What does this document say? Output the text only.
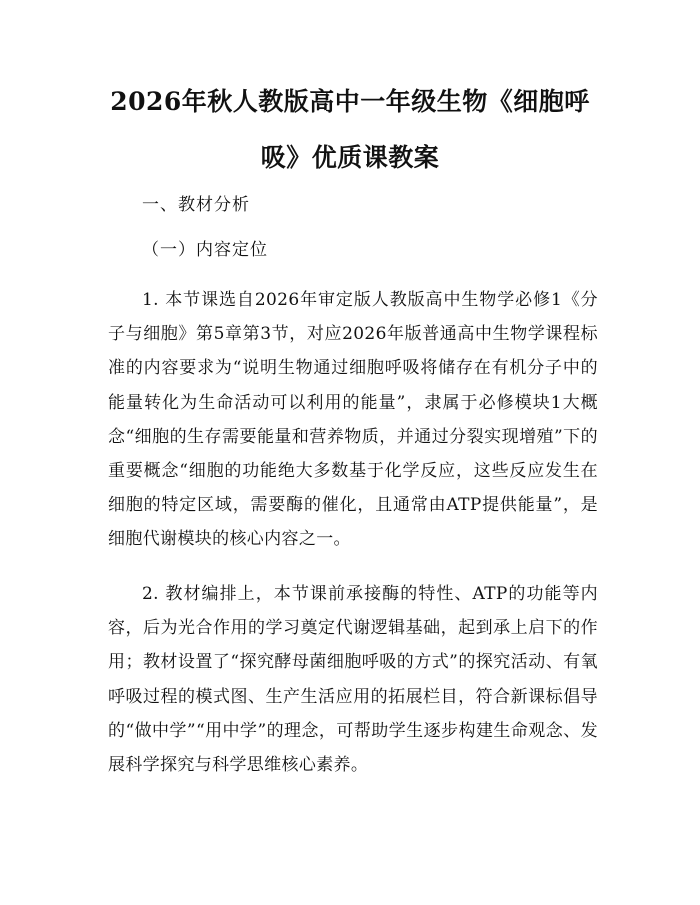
2026年秋人教版高中一年级生物《细胞呼
吸》优质课教案
一、教材分析
（一）内容定位

1. 本节课选自2026年审定版人教版高中生物学必修1《分子与细胞》第5章第3节，对应2026年版普通高中生物学课程标准的内容要求为“说明生物通过细胞呼吸将储存在有机分子中的能量转化为生命活动可以利用的能量”，隶属于必修模块1大概念“细胞的生存需要能量和营养物质，并通过分裂实现增殖”下的重要概念“细胞的功能绝大多数基于化学反应，这些反应发生在细胞的特定区域，需要酶的催化，且通常由ATP提供能量”，是细胞代谢模块的核心内容之一。

2. 教材编排上，本节课前承接酶的特性、ATP的功能等内容，后为光合作用的学习奠定代谢逻辑基础，起到承上启下的作用；教材设置了“探究酵母菌细胞呼吸的方式”的探究活动、有氧呼吸过程的模式图、生产生活应用的拓展栏目，符合新课标倡导的“做中学”“用中学”的理念，可帮助学生逐步构建生命观念、发展科学探究与科学思维核心素养。
